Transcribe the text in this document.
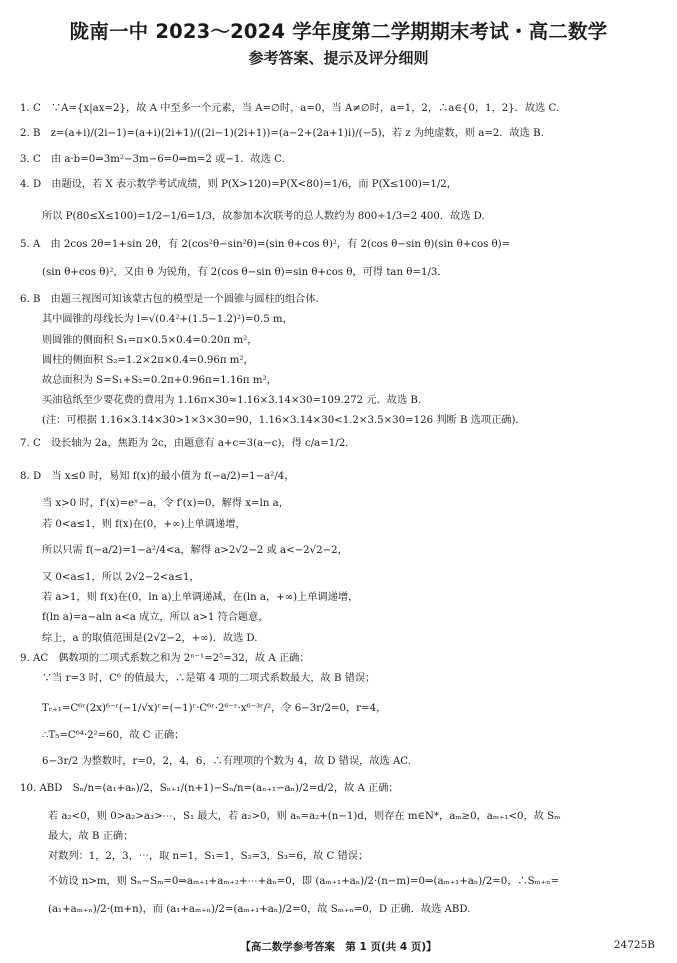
陇南一中 2023～2024 学年度第二学期期末考试・高二数学
参考答案、提示及评分细则
1. C　∵A={x|ax=2}，故 A 中至多一个元素，当 A=∅时，a=0，当 A≠∅时，a=1，2，∴a∈{0，1，2}．故选 C.
2. B　z=(a+i)/(2i−1)=(a+i)(2i+1)/((2i−1)(2i+1))=(a−2+(2a+1)i)/(−5)，若 z 为纯虚数，则 a=2．故选 B.
3. C　由 a·b=0⇒3m²−3m−6=0⇒m=2 或−1．故选 C.
4. D　由题设，若 X 表示数学考试成绩，则 P(X>120)=P(X<80)=1/6，而 P(X≤100)=1/2，
所以 P(80≤X≤100)=1/2−1/6=1/3，故参加本次联考的总人数约为 800÷1/3=2 400．故选 D.
5. A　由 2cos 2θ=1+sin 2θ，有 2(cos²θ−sin²θ)=(sin θ+cos θ)²，有 2(cos θ−sin θ)(sin θ+cos θ)=
(sin θ+cos θ)²，又由 θ 为锐角，有 2(cos θ−sin θ)=sin θ+cos θ，可得 tan θ=1/3．
6. B　由题三视图可知该蒙古包的模型是一个圆锥与圆柱的组合体．
其中圆锥的母线长为 l=√(0.4²+(1.5−1.2)²)=0.5 m，
则圆锥的侧面积 S₁=π×0.5×0.4=0.20π m²，
圆柱的侧面积 S₂=1.2×2π×0.4=0.96π m²，
故总面积为 S=S₁+S₂=0.2π+0.96π=1.16π m²，
买油毡纸至少要花费的费用为 1.16π×30≈1.16×3.14×30=109.272 元．故选 B.
(注：可根据 1.16×3.14×30>1×3×30=90，1.16×3.14×30<1.2×3.5×30=126 判断 B 选项正确)．
7. C　设长轴为 2a，焦距为 2c，由题意有 a+c=3(a−c)，得 c/a=1/2．
8. D　当 x≤0 时，易知 f(x)的最小值为 f(−a/2)=1−a²/4，
当 x>0 时，f′(x)=eˣ−a，令 f′(x)=0，解得 x=ln a，
若 0<a≤1，则 f(x)在(0，+∞)上单调递增，
所以只需 f(−a/2)=1−a²/4<a，解得 a>2√2−2 或 a<−2√2−2，
又 0<a≤1，所以 2√2−2<a≤1，
若 a>1，则 f(x)在(0，ln a)上单调递减，在(ln a，+∞)上单调递增，
f(ln a)=a−aln a<a 成立，所以 a>1 符合题意，
综上，a 的取值范围是(2√2−2，+∞)．故选 D.
9. AC　偶数项的二项式系数之和为 2ⁿ⁻¹=2⁵=32，故 A 正确；
∵当 r=3 时，C⁶ 的值最大，∴是第 4 项的二项式系数最大，故 B 错误；
Tᵣ₊₁=C⁶ʳ(2x)⁶⁻ʳ(−1/√x)ʳ=(−1)ʳ·C⁶ʳ·2⁶⁻ʳ·x⁶⁻³ʳ/²，令 6−3r/2=0，r=4，
∴T₅=C⁶⁴·2²=60，故 C 正确；
6−3r/2 为整数时，r=0，2，4，6，∴有理项的个数为 4，故 D 错误，故选 AC.
10. ABD　Sₙ/n=(a₁+aₙ)/2，Sₙ₊₁/(n+1)−Sₙ/n=(aₙ₊₁−aₙ)/2=d/2，故 A 正确；
若 a₂<0，则 0>a₂>a₃>⋯，S₁ 最大，若 a₂>0，则 aₙ=a₂+(n−1)d，则存在 m∈N*，aₘ≥0，aₘ₊₁<0，故 Sₘ
最大，故 B 正确；
对数列：1，2，3，⋯，取 n=1，S₁=1，S₂=3，S₃=6，故 C 错误；
不妨设 n>m，则 Sₙ−Sₘ=0⇒aₘ₊₁+aₘ₊₂+⋯+aₙ=0，即 (aₘ₊₁+aₙ)/2·(n−m)=0⇒(aₘ₊₁+aₙ)/2=0，∴Sₘ₊ₙ=
(a₁+aₘ₊ₙ)/2·(m+n)，而 (a₁+aₘ₊ₙ)/2=(aₘ₊₁+aₙ)/2=0，故 Sₘ₊ₙ=0，D 正确．故选 ABD.
【高二数学参考答案　第 1 页(共 4 页)】	24725B
